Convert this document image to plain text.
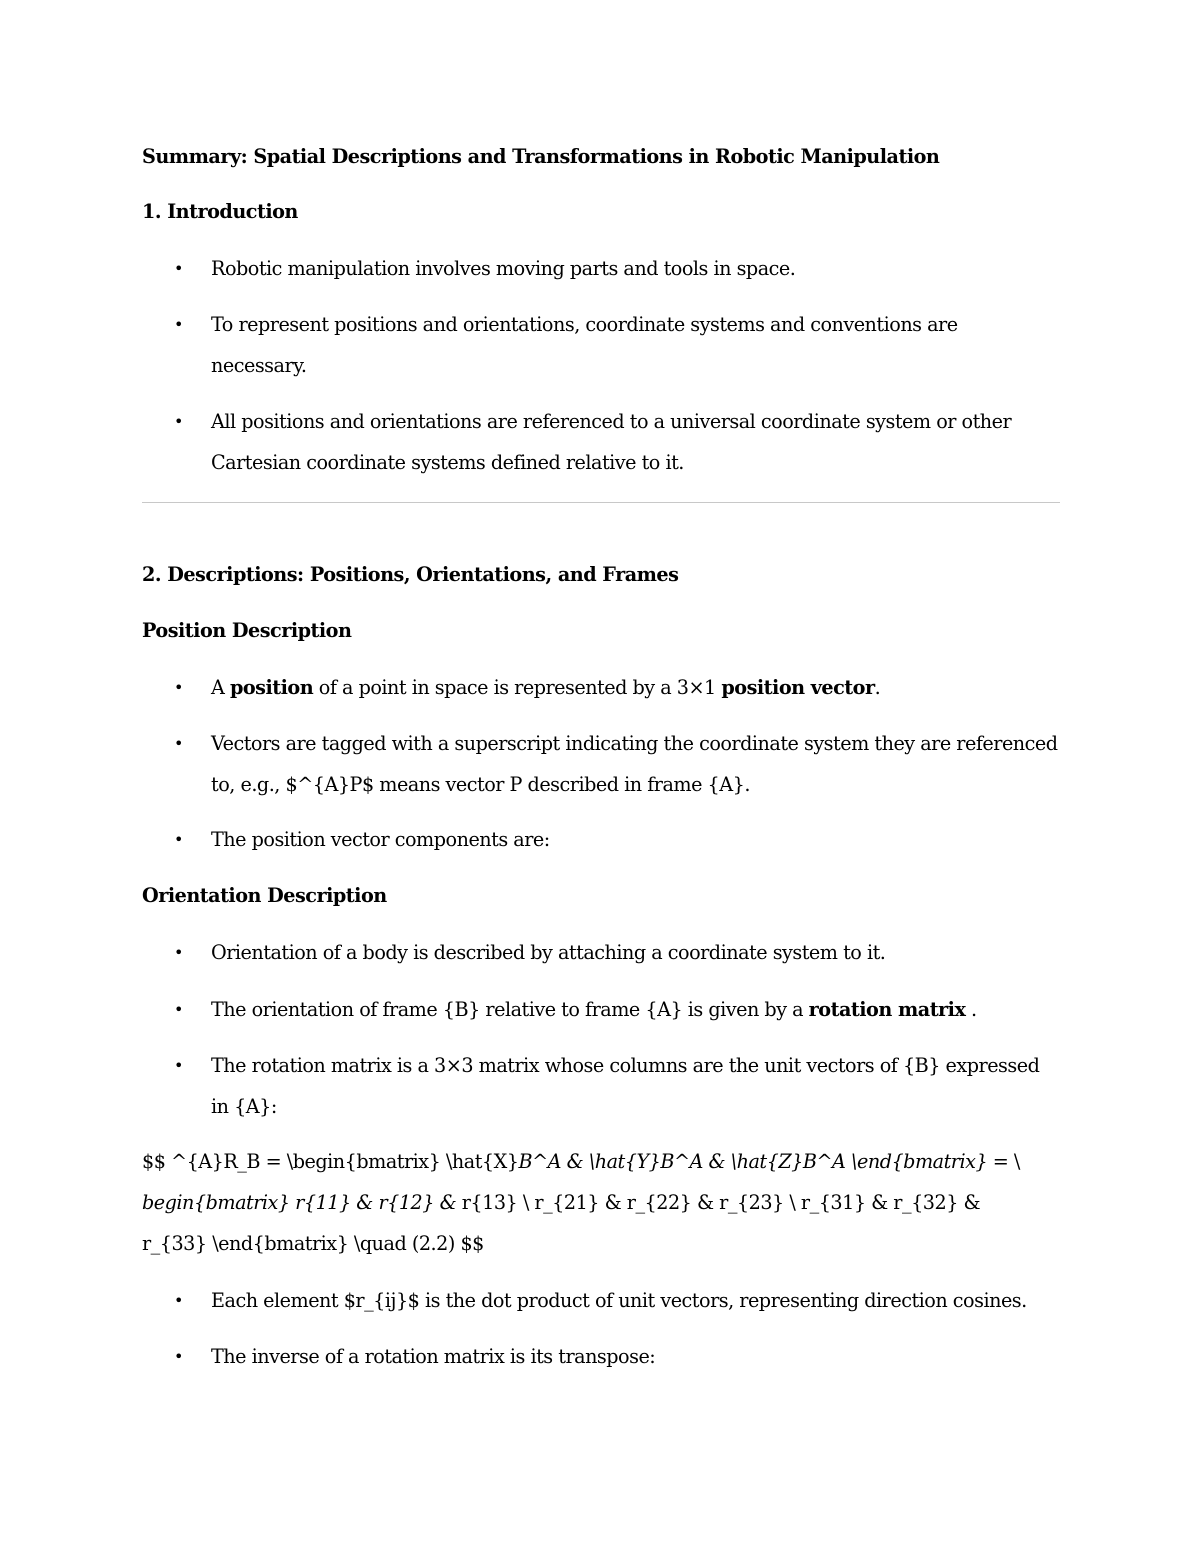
Summary: Spatial Descriptions and Transformations in Robotic Manipulation
1. Introduction
• Robotic manipulation involves moving parts and tools in space.
• To represent positions and orientations, coordinate systems and conventions are
necessary.
• All positions and orientations are referenced to a universal coordinate system or other
Cartesian coordinate systems defined relative to it.
2. Descriptions: Positions, Orientations, and Frames
Position Description
• A position of a point in space is represented by a 3×1 position vector.
• Vectors are tagged with a superscript indicating the coordinate system they are referenced
to, e.g., $^{A}P$ means vector P described in frame {A}.
• The position vector components are:
Orientation Description
• Orientation of a body is described by attaching a coordinate system to it.
• The orientation of frame {B} relative to frame {A} is given by a rotation matrix .
• The rotation matrix is a 3×3 matrix whose columns are the unit vectors of {B} expressed
in {A}:
$$ ^{A}R_B = \begin{bmatrix} \hat{X}B^A & \hat{Y}B^A & \hat{Z}B^A \end{bmatrix} = \
begin{bmatrix} r{11} & r{12} & r{13} \ r_{21} & r_{22} & r_{23} \ r_{31} & r_{32} &
r_{33} \end{bmatrix} \quad (2.2) $$
• Each element $r_{ij}$ is the dot product of unit vectors, representing direction cosines.
• The inverse of a rotation matrix is its transpose:
